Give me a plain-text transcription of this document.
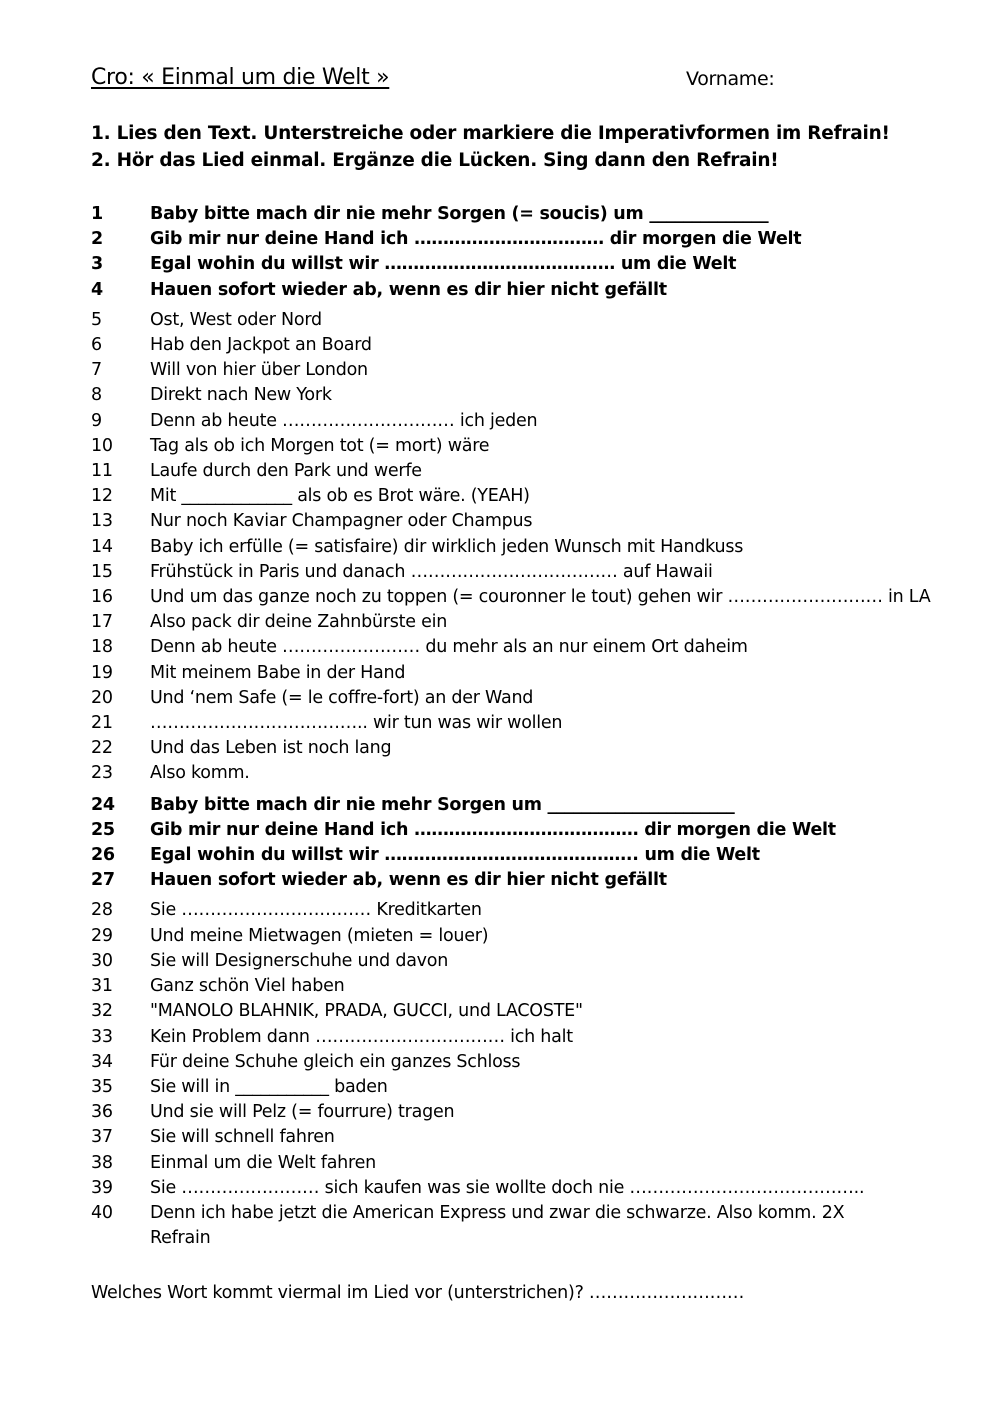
Cro: « Einmal um die Welt »	Vorname:
1. Lies den Text. Unterstreiche oder markiere die Imperativformen im Refrain!
2. Hör das Lied einmal. Ergänze die Lücken. Sing dann den Refrain!
1	Baby bitte mach dir nie mehr Sorgen (= soucis) um ______________
2	Gib mir nur deine Hand ich …………………………… dir morgen die Welt
3	Egal wohin du willst wir ……………………………….… um die Welt
4	Hauen sofort wieder ab, wenn es dir hier nicht gefällt
5	Ost, West oder Nord
6	Hab den Jackpot an Board
7	Will von hier über London
8	Direkt nach New York
9	Denn ab heute ………………………… ich jeden
10	Tag als ob ich Morgen tot (= mort) wäre
11	Laufe durch den Park und werfe
12	Mit _____________ als ob es Brot wäre. (YEAH)
13	Nur noch Kaviar Champagner oder Champus
14	Baby ich erfülle (= satisfaire) dir wirklich jeden Wunsch mit Handkuss
15	Frühstück in Paris und danach ……………………………… auf Hawaii
16	Und um das ganze noch zu toppen (= couronner le tout) gehen wir ……………………… in LA
17	Also pack dir deine Zahnbürste ein
18	Denn ab heute …………………… du mehr als an nur einem Ort daheim
19	Mit meinem Babe in der Hand
20	Und ‘nem Safe (= le coffre-fort) an der Wand
21	……………………………….. wir tun was wir wollen
22	Und das Leben ist noch lang
23	Also komm.
24	Baby bitte mach dir nie mehr Sorgen um ______________________
25	Gib mir nur deine Hand ich ………………………………… dir morgen die Welt
26	Egal wohin du willst wir …………………………………….. um die Welt
27	Hauen sofort wieder ab, wenn es dir hier nicht gefällt
28	Sie …………………………… Kreditkarten
29	Und meine Mietwagen (mieten = louer)
30	Sie will Designerschuhe und davon
31	Ganz schön Viel haben
32	"MANOLO BLAHNIK, PRADA, GUCCI, und LACOSTE"
33	Kein Problem dann …………………………… ich halt
34	Für deine Schuhe gleich ein ganzes Schloss
35	Sie will in ___________ baden
36	Und sie will Pelz (= fourrure) tragen
37	Sie will schnell fahren
38	Einmal um die Welt fahren
39	Sie …………………… sich kaufen was sie wollte doch nie …………………………………..
40	Denn ich habe jetzt die American Express und zwar die schwarze. Also komm. 2X
Refrain
Welches Wort kommt viermal im Lied vor (unterstrichen)? ………………………
